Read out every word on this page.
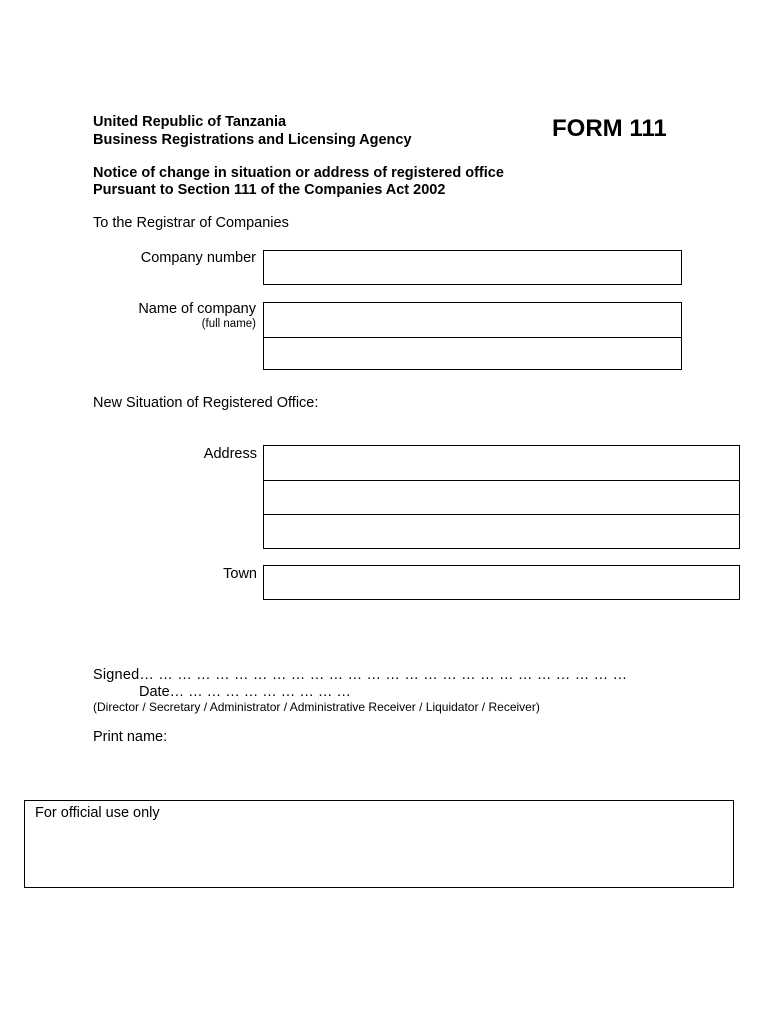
United Republic of Tanzania
Business Registrations and Licensing Agency	FORM 111
Notice of change in situation or address of registered office
Pursuant to Section 111 of the Companies Act 2002
To the Registrar of Companies
Company number
Name of company
(full name)
New Situation of Registered Office:
Address
Town
Signed… … … … … … … … … … … … … … … … … … … … … … … … … …
Date… … … … … … … … … …
(Director / Secretary / Administrator / Administrative Receiver / Liquidator / Receiver)
Print name:
For official use only
